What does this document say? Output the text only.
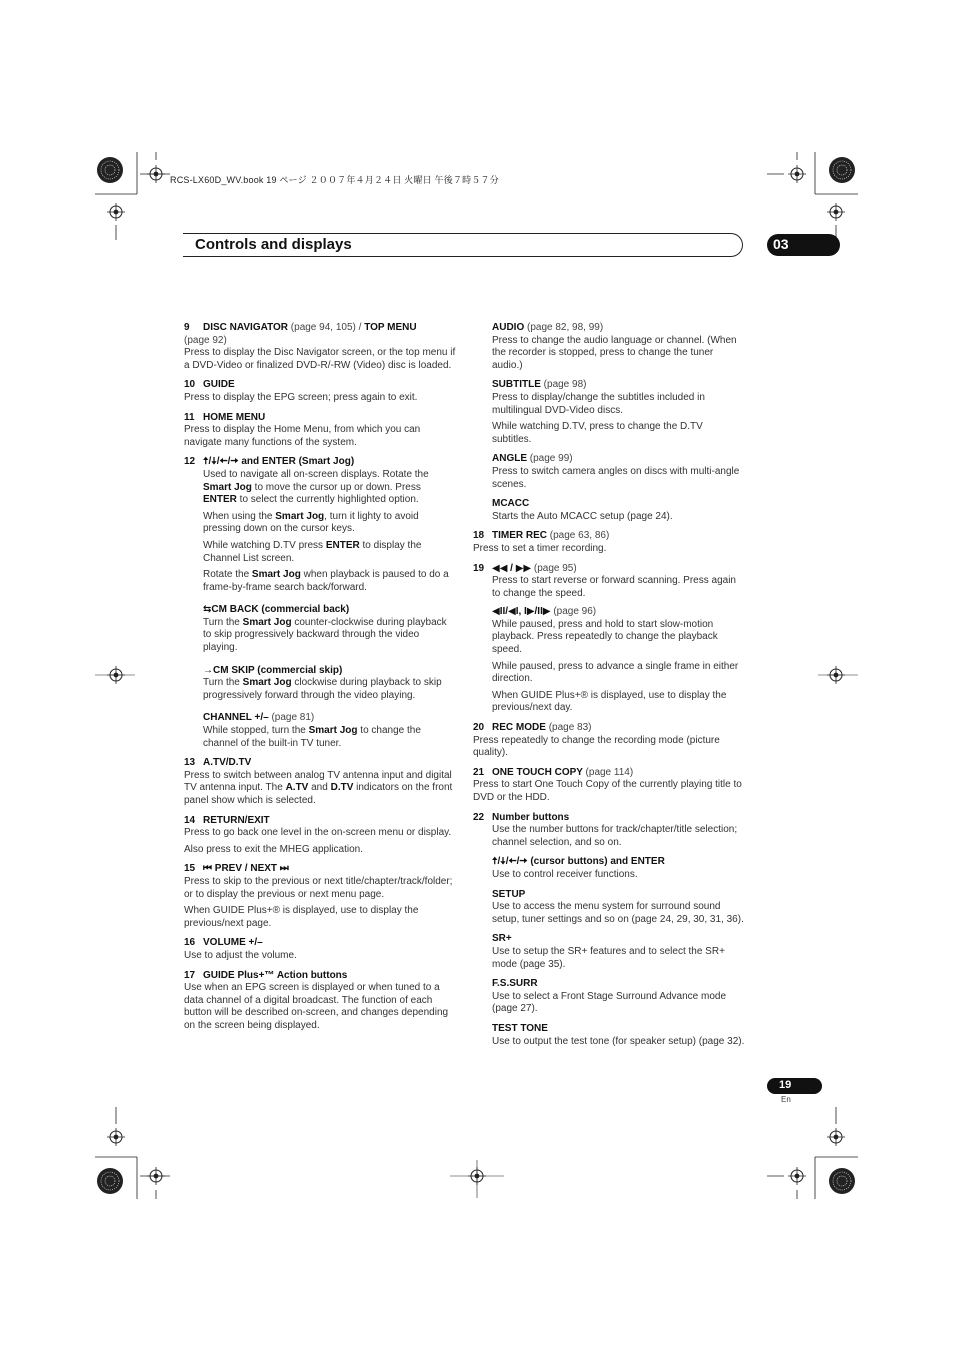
RCS-LX60D_WV.book 19 ページ ２００７年４月２４日 火曜日 午後７時５７分
Controls and displays	03
9 DISC NAVIGATOR (page 94, 105) / TOP MENU
(page 92)
Press to display the Disc Navigator screen, or the top menu if a DVD-Video or finalized DVD-R/-RW (Video) disc is loaded.
10 GUIDE
Press to display the EPG screen; press again to exit.
11 HOME MENU
Press to display the Home Menu, from which you can navigate many functions of the system.
12 🠅/🠇/🠄/🠆 and ENTER (Smart Jog)
Used to navigate all on-screen displays. Rotate the Smart Jog to move the cursor up or down. Press ENTER to select the currently highlighted option.
When using the Smart Jog, turn it lighty to avoid pressing down on the cursor keys.
While watching D.TV press ENTER to display the Channel List screen.
Rotate the Smart Jog when playback is paused to do a frame-by-frame search back/forward.
⇆CM BACK (commercial back)
Turn the Smart Jog counter-clockwise during playback to skip progressively backward through the video playing.
→CM SKIP (commercial skip)
Turn the Smart Jog clockwise during playback to skip progressively forward through the video playing.
CHANNEL +/– (page 81)
While stopped, turn the Smart Jog to change the channel of the built-in TV tuner.
13 A.TV/D.TV
Press to switch between analog TV antenna input and digital TV antenna input. The A.TV and D.TV indicators on the front panel show which is selected.
14 RETURN/EXIT
Press to go back one level in the on-screen menu or display.
Also press to exit the MHEG application.
15 ⏮ PREV / NEXT ⏭
Press to skip to the previous or next title/chapter/track/folder; or to display the previous or next menu page.
When GUIDE Plus+® is displayed, use to display the previous/next page.
16 VOLUME +/–
Use to adjust the volume.
17 GUIDE Plus+™ Action buttons
Use when an EPG screen is displayed or when tuned to a data channel of a digital broadcast. The function of each button will be described on-screen, and changes depending on the screen being displayed.
AUDIO (page 82, 98, 99)
Press to change the audio language or channel. (When the recorder is stopped, press to change the tuner audio.)
SUBTITLE (page 98)
Press to display/change the subtitles included in multilingual DVD-Video discs.
While watching D.TV, press to change the D.TV subtitles.
ANGLE (page 99)
Press to switch camera angles on discs with multi-angle scenes.
MCACC
Starts the Auto MCACC setup (page 24).
18 TIMER REC (page 63, 86)
Press to set a timer recording.
19 ◀◀ / ▶▶ (page 95)
Press to start reverse or forward scanning. Press again to change the speed.
◀II/◀I, I▶/II▶ (page 96)
While paused, press and hold to start slow-motion playback. Press repeatedly to change the playback speed.
While paused, press to advance a single frame in either direction.
When GUIDE Plus+® is displayed, use to display the previous/next day.
20 REC MODE (page 83)
Press repeatedly to change the recording mode (picture quality).
21 ONE TOUCH COPY (page 114)
Press to start One Touch Copy of the currently playing title to DVD or the HDD.
22 Number buttons
Use the number buttons for track/chapter/title selection; channel selection, and so on.
🠅/🠇/🠄/🠆 (cursor buttons) and ENTER
Use to control receiver functions.
SETUP
Use to access the menu system for surround sound setup, tuner settings and so on (page 24, 29, 30, 31, 36).
SR+
Use to setup the SR+ features and to select the SR+ mode (page 35).
F.S.SURR
Use to select a Front Stage Surround Advance mode (page 27).
TEST TONE
Use to output the test tone (for speaker setup) (page 32).
19
En
